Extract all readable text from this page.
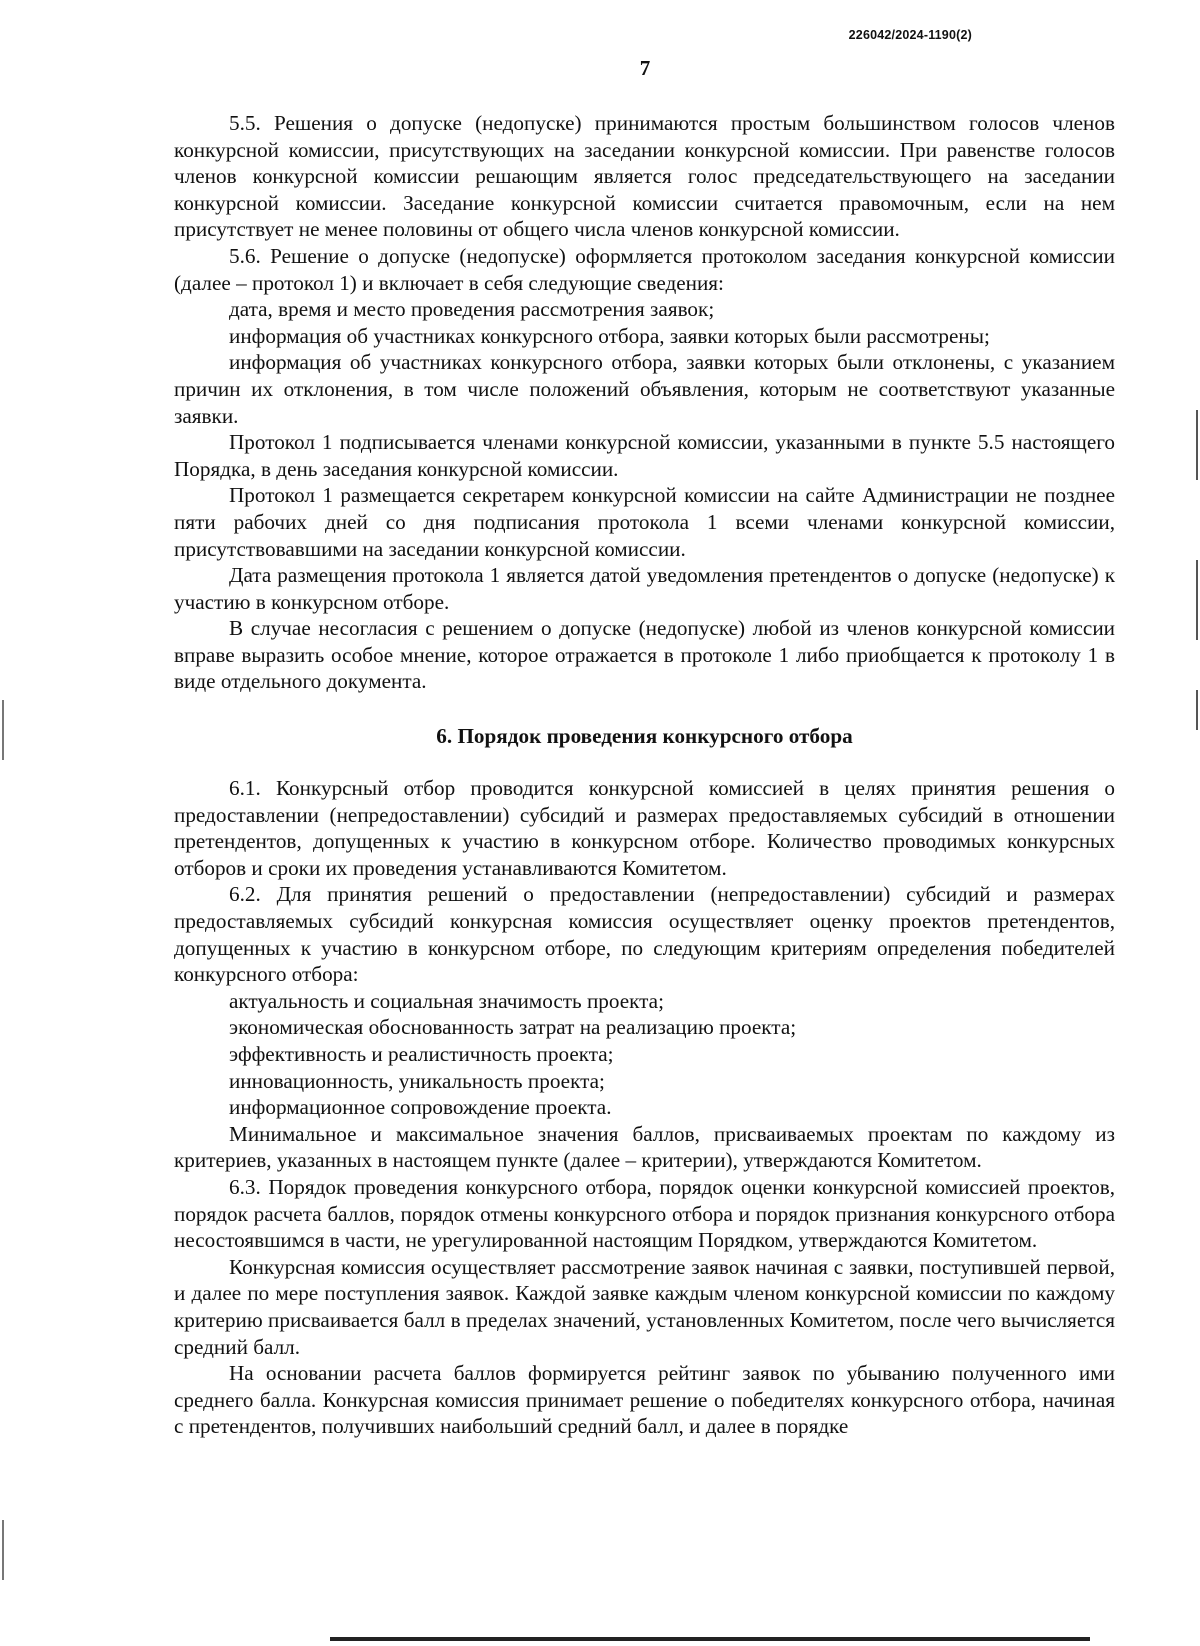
226042/2024-1190(2)
7

5.5. Решения о допуске (недопуске) принимаются простым большинством голосов членов конкурсной комиссии, присутствующих на заседании конкурсной комиссии. При равенстве голосов членов конкурсной комиссии решающим является голос председательствующего на заседании конкурсной комиссии. Заседание конкурсной комиссии считается правомочным, если на нем присутствует не менее половины от общего числа членов конкурсной комиссии.

5.6. Решение о допуске (недопуске) оформляется протоколом заседания конкурсной комиссии (далее – протокол 1) и включает в себя следующие сведения:

дата, время и место проведения рассмотрения заявок;

информация об участниках конкурсного отбора, заявки которых были рассмотрены;

информация об участниках конкурсного отбора, заявки которых были отклонены, с указанием причин их отклонения, в том числе положений объявления, которым не соответствуют указанные заявки.

Протокол 1 подписывается членами конкурсной комиссии, указанными в пункте 5.5 настоящего Порядка, в день заседания конкурсной комиссии.

Протокол 1 размещается секретарем конкурсной комиссии на сайте Администрации не позднее пяти рабочих дней со дня подписания протокола 1 всеми членами конкурсной комиссии, присутствовавшими на заседании конкурсной комиссии.

Дата размещения протокола 1 является датой уведомления претендентов о допуске (недопуске) к участию в конкурсном отборе.

В случае несогласия с решением о допуске (недопуске) любой из членов конкурсной комиссии вправе выразить особое мнение, которое отражается в протоколе 1 либо приобщается к протоколу 1 в виде отдельного документа.

6. Порядок проведения конкурсного отбора

6.1. Конкурсный отбор проводится конкурсной комиссией в целях принятия решения о предоставлении (непредоставлении) субсидий и размерах предоставляемых субсидий в отношении претендентов, допущенных к участию в конкурсном отборе. Количество проводимых конкурсных отборов и сроки их проведения устанавливаются Комитетом.

6.2. Для принятия решений о предоставлении (непредоставлении) субсидий и размерах предоставляемых субсидий конкурсная комиссия осуществляет оценку проектов претендентов, допущенных к участию в конкурсном отборе, по следующим критериям определения победителей конкурсного отбора:

актуальность и социальная значимость проекта;

экономическая обоснованность затрат на реализацию проекта;

эффективность и реалистичность проекта;

инновационность, уникальность проекта;

информационное сопровождение проекта.

Минимальное и максимальное значения баллов, присваиваемых проектам по каждому из критериев, указанных в настоящем пункте (далее – критерии), утверждаются Комитетом.

6.3. Порядок проведения конкурсного отбора, порядок оценки конкурсной комиссией проектов, порядок расчета баллов, порядок отмены конкурсного отбора и порядок признания конкурсного отбора несостоявшимся в части, не урегулированной настоящим Порядком, утверждаются Комитетом.

Конкурсная комиссия осуществляет рассмотрение заявок начиная с заявки, поступившей первой, и далее по мере поступления заявок. Каждой заявке каждым членом конкурсной комиссии по каждому критерию присваивается балл в пределах значений, установленных Комитетом, после чего вычисляется средний балл.

На основании расчета баллов формируется рейтинг заявок по убыванию полученного ими среднего балла. Конкурсная комиссия принимает решение о победителях конкурсного отбора, начиная с претендентов, получивших наибольший средний балл, и далее в порядке
